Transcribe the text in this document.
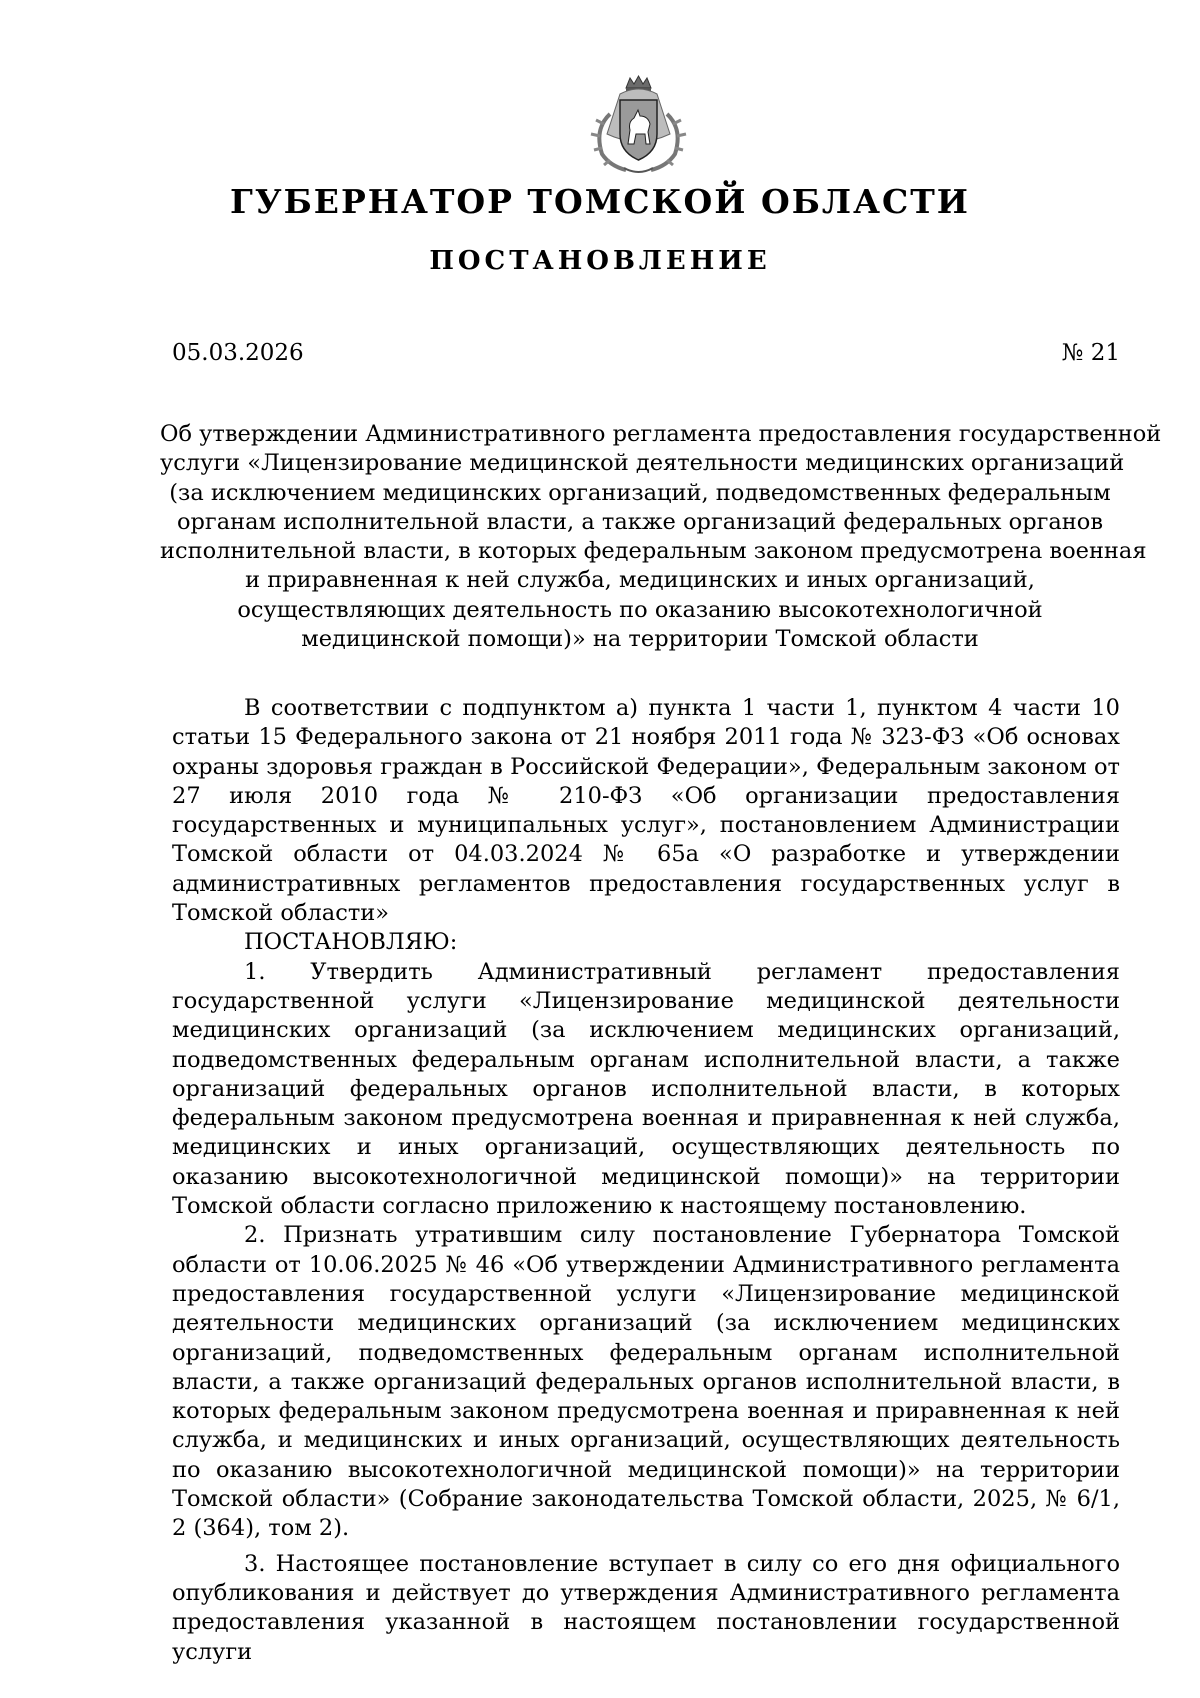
ГУБЕРНАТОР ТОМСКОЙ ОБЛАСТИ
ПОСТАНОВЛЕНИЕ
05.03.2026	№ 21
Об утверждении Административного регламента предоставления государственной
услуги «Лицензирование медицинской деятельности медицинских организаций
(за исключением медицинских организаций, подведомственных федеральным
органам исполнительной власти, а также организаций федеральных органов
исполнительной власти, в которых федеральным законом предусмотрена военная
и приравненная к ней служба, медицинских и иных организаций,
осуществляющих деятельность по оказанию высокотехнологичной
медицинской помощи)» на территории Томской области

В соответствии с подпунктом а) пункта 1 части 1, пунктом 4 части 10 статьи 15 Федерального закона от 21 ноября 2011 года № 323-ФЗ «Об основах охраны здоровья граждан в Российской Федерации», Федеральным законом от 27 июля 2010 года № 210-ФЗ «Об организации предоставления государственных и муниципальных услуг», постановлением Администрации Томской области от 04.03.2024 № 65а «О разработке и утверждении административных регламентов предоставления государственных услуг в Томской области»

ПОСТАНОВЛЯЮ:

1. Утвердить Административный регламент предоставления государственной услуги «Лицензирование медицинской деятельности медицинских организаций (за исключением медицинских организаций, подведомственных федеральным органам исполнительной власти, а также организаций федеральных органов исполнительной власти, в которых федеральным законом предусмотрена военная и приравненная к ней служба, медицинских и иных организаций, осуществляющих деятельность по оказанию высокотехнологичной медицинской помощи)» на территории Томской области согласно приложению к настоящему постановлению.

2. Признать утратившим силу постановление Губернатора Томской области от 10.06.2025 № 46 «Об утверждении Административного регламента предоставления государственной услуги «Лицензирование медицинской деятельности медицинских организаций (за исключением медицинских организаций, подведомственных федеральным органам исполнительной власти, а также организаций федеральных органов исполнительной власти, в которых федеральным законом предусмотрена военная и приравненная к ней служба, и медицинских и иных организаций, осуществляющих деятельность по оказанию высокотехнологичной медицинской помощи)» на территории Томской области» (Собрание законодательства Томской области, 2025, № 6/1, 2 (364), том 2).

3. Настоящее постановление вступает в силу со его дня официального опубликования и действует до утверждения Административного регламента предоставления указанной в настоящем постановлении государственной услуги
